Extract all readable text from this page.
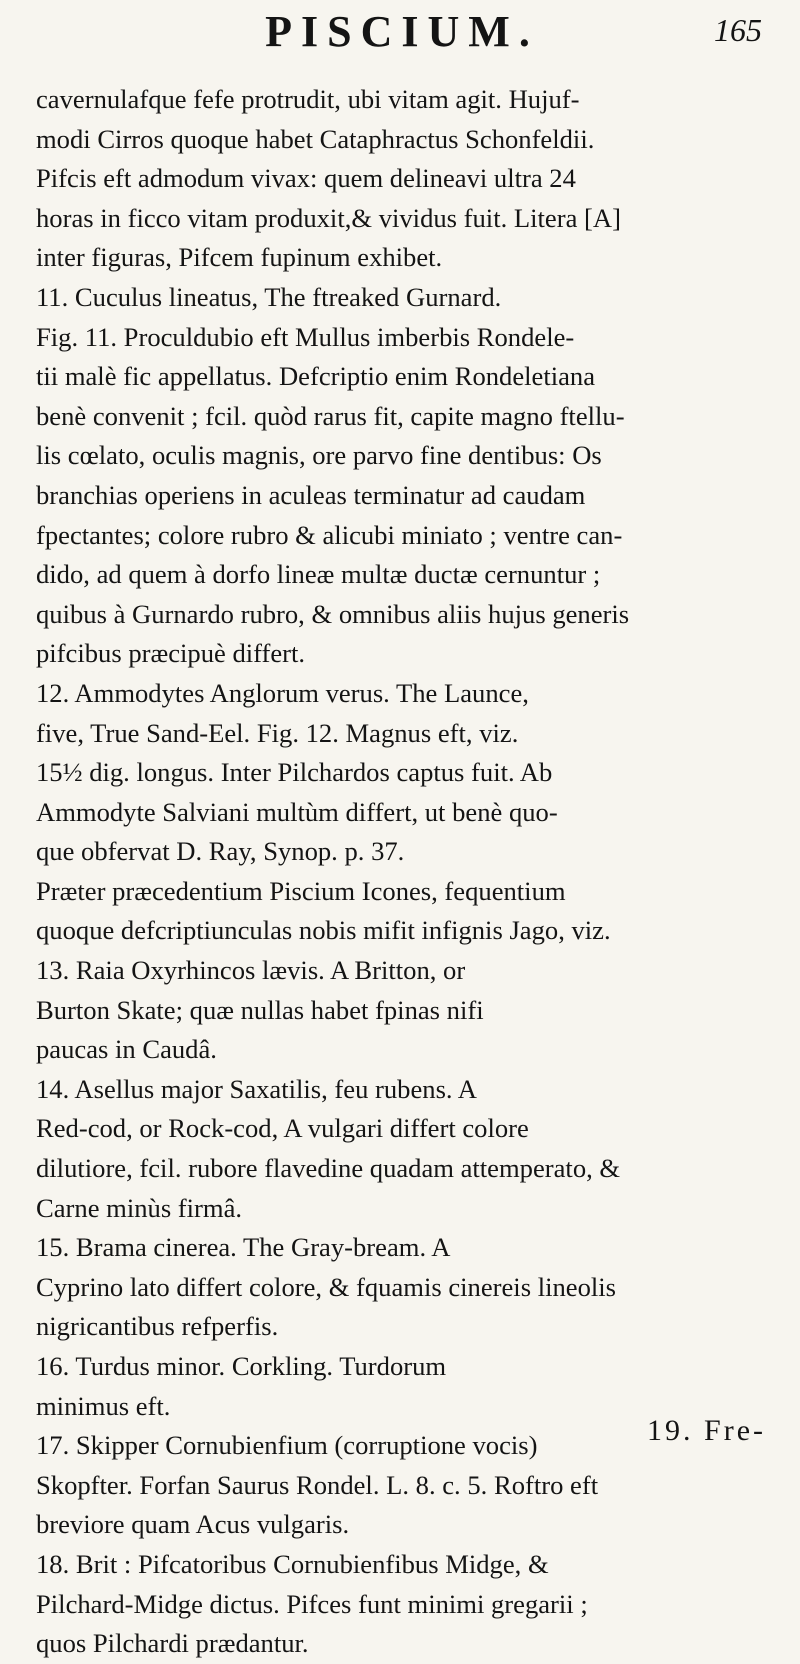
PISCIUM.	165
cavernulafque fefe protrudit, ubi vitam agit. Hujuf-
modi Cirros quoque habet Cataphractus Schonfeldii.
Pifcis eft admodum vivax: quem delineavi ultra 24
horas in ficco vitam produxit,& vividus fuit. Litera [A]
inter figuras, Pifcem fupinum exhibet.
11. Cuculus lineatus, The ftreaked Gurnard.
Fig. 11. Proculdubio eft Mullus imberbis Rondele-
tii malè fic appellatus. Defcriptio enim Rondeletiana
benè convenit ; fcil. quòd rarus fit, capite magno ftellu-
lis cœlato, oculis magnis, ore parvo fine dentibus: Os
branchias operiens in aculeas terminatur ad caudam
fpectantes; colore rubro & alicubi miniato ; ventre can-
dido, ad quem à dorfo lineæ multæ ductæ cernuntur ;
quibus à Gurnardo rubro, & omnibus aliis hujus generis
pifcibus præcipuè differt.
12. Ammodytes Anglorum verus. The Launce,
five, True Sand-Eel. Fig. 12. Magnus eft, viz.
15½ dig. longus. Inter Pilchardos captus fuit. Ab
Ammodyte Salviani multùm differt, ut benè quo-
que obfervat D. Ray, Synop. p. 37.
Præter præcedentium Piscium Icones, fequentium
quoque defcriptiunculas nobis mifit infignis Jago, viz.
13. Raia Oxyrhincos lævis. A Britton, or
Burton Skate; quæ nullas habet fpinas nifi
paucas in Caudâ.
14. Asellus major Saxatilis, feu rubens. A
Red-cod, or Rock-cod, A vulgari differt colore
dilutiore, fcil. rubore flavedine quadam attemperato, &
Carne minùs firmâ.
15. Brama cinerea. The Gray-bream. A
Cyprino lato differt colore, & fquamis cinereis lineolis
nigricantibus refperfis.
16. Turdus minor. Corkling. Turdorum
minimus eft.
17. Skipper Cornubienfium (corruptione vocis)
Skopfter. Forfan Saurus Rondel. L. 8. c. 5. Roftro eft
breviore quam Acus vulgaris.
18. Brit : Pifcatoribus Cornubienfibus Midge, &
Pilchard-Midge dictus. Pifces funt minimi gregarii ;
quos Pilchardi prædantur.
19. Fre-
